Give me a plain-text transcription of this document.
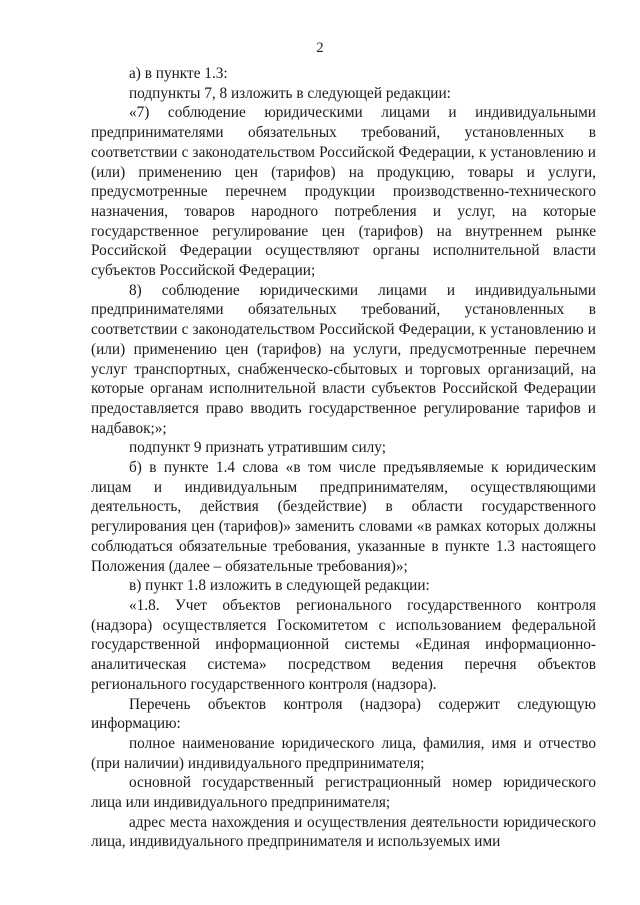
2

а) в пункте 1.3:

подпункты 7, 8 изложить в следующей редакции:

«7) соблюдение юридическими лицами и индивидуальными предпринимателями обязательных требований, установленных в соответствии с законодательством Российской Федерации, к установлению и (или) применению цен (тарифов) на продукцию, товары и услуги, предусмотренные перечнем продукции производственно-технического назначения, товаров народного потребления и услуг, на которые государственное регулирование цен (тарифов) на внутреннем рынке Российской Федерации осуществляют органы исполнительной власти субъектов Российской Федерации;

8) соблюдение юридическими лицами и индивидуальными предпринимателями обязательных требований, установленных в соответствии с законодательством Российской Федерации, к установлению и (или) применению цен (тарифов) на услуги, предусмотренные перечнем услуг транспортных, снабженческо-сбытовых и торговых организаций, на которые органам исполнительной власти субъектов Российской Федерации предоставляется право вводить государственное регулирование тарифов и надбавок;»;

подпункт 9 признать утратившим силу;

б) в пункте 1.4 слова «в том числе предъявляемые к юридическим лицам и индивидуальным предпринимателям, осуществляющими деятельность, действия (бездействие) в области государственного регулирования цен (тарифов)» заменить словами «в рамках которых должны соблюдаться обязательные требования, указанные в пункте 1.3 настоящего Положения (далее – обязательные требования)»;

в) пункт 1.8 изложить в следующей редакции:

«1.8. Учет объектов регионального государственного контроля (надзора) осуществляется Госкомитетом с использованием федеральной государственной информационной системы «Единая информационно-аналитическая система» посредством ведения перечня объектов регионального государственного контроля (надзора).

Перечень объектов контроля (надзора) содержит следующую информацию:

полное наименование юридического лица, фамилия, имя и отчество (при наличии) индивидуального предпринимателя;

основной государственный регистрационный номер юридического лица или индивидуального предпринимателя;

адрес места нахождения и осуществления деятельности юридического лица, индивидуального предпринимателя и используемых ими
